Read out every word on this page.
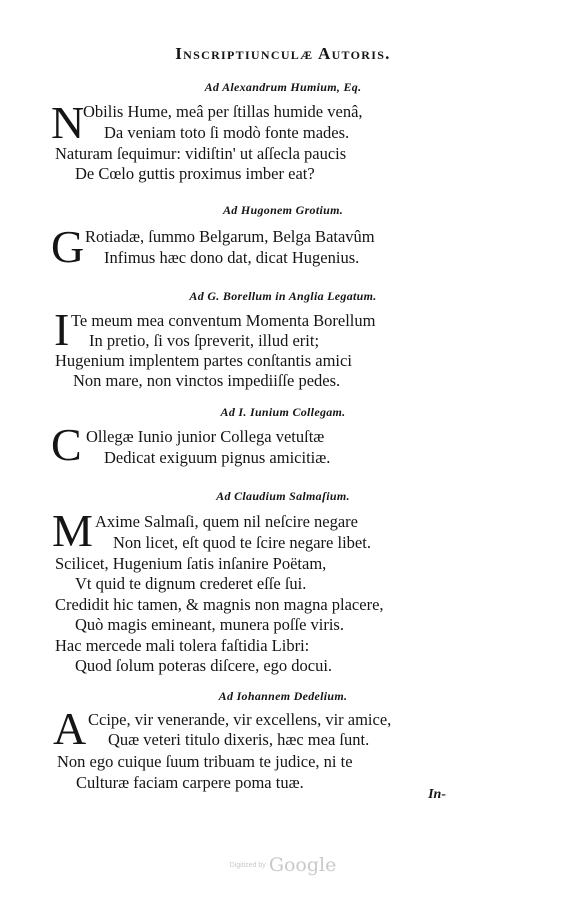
Inscriptiunculæ Autoris.
Ad Alexandrum Humium, Eq.
N
Obilis Hume, meâ per ſtillas humide venâ,
Da veniam toto ſi modò fonte mades.
Naturam ſequimur: vidiſtin' ut aſſecla paucis
De Cœlo guttis proximus imber eat?
Ad Hugonem Grotium.
G Rotiadæ, ſummo Belgarum, Belga Batavûm
Infimus hæc dono dat, dicat Hugenius.
Ad G. Borellum in Anglia Legatum.
I Te meum mea conventum Momenta Borellum
In pretio, ſi vos ſpreverit, illud erit;
Hugenium implentem partes conſtantis amici
Non mare, non vinctos impediiſſe pedes.
Ad I. Iunium Collegam.
C Ollegæ Iunio junior Collega vetuſtæ
Dedicat exiguum pignus amicitiæ.
Ad Claudium Salmaſium.
M Axime Salmaſi, quem nil neſcire negare
Non licet, eſt quod te ſcire negare libet.
Scilicet, Hugenium ſatis inſanire Poëtam,
Vt quid te dignum crederet eſſe ſui.
Credidit hic tamen, & magnis non magna placere,
Quò magis emineant, munera poſſe viris.
Hac mercede mali tolera faſtidia Libri:
Quod ſolum poteras diſcere, ego docui.
Ad Iohannem Dedelium.
A Ccipe, vir venerande, vir excellens, vir amice,
Quæ veteri titulo dixeris, hæc mea ſunt.
Non ego cuique ſuum tribuam te judice, ni te
Culturæ faciam carpere poma tuæ.
In-
Digitized by Google
